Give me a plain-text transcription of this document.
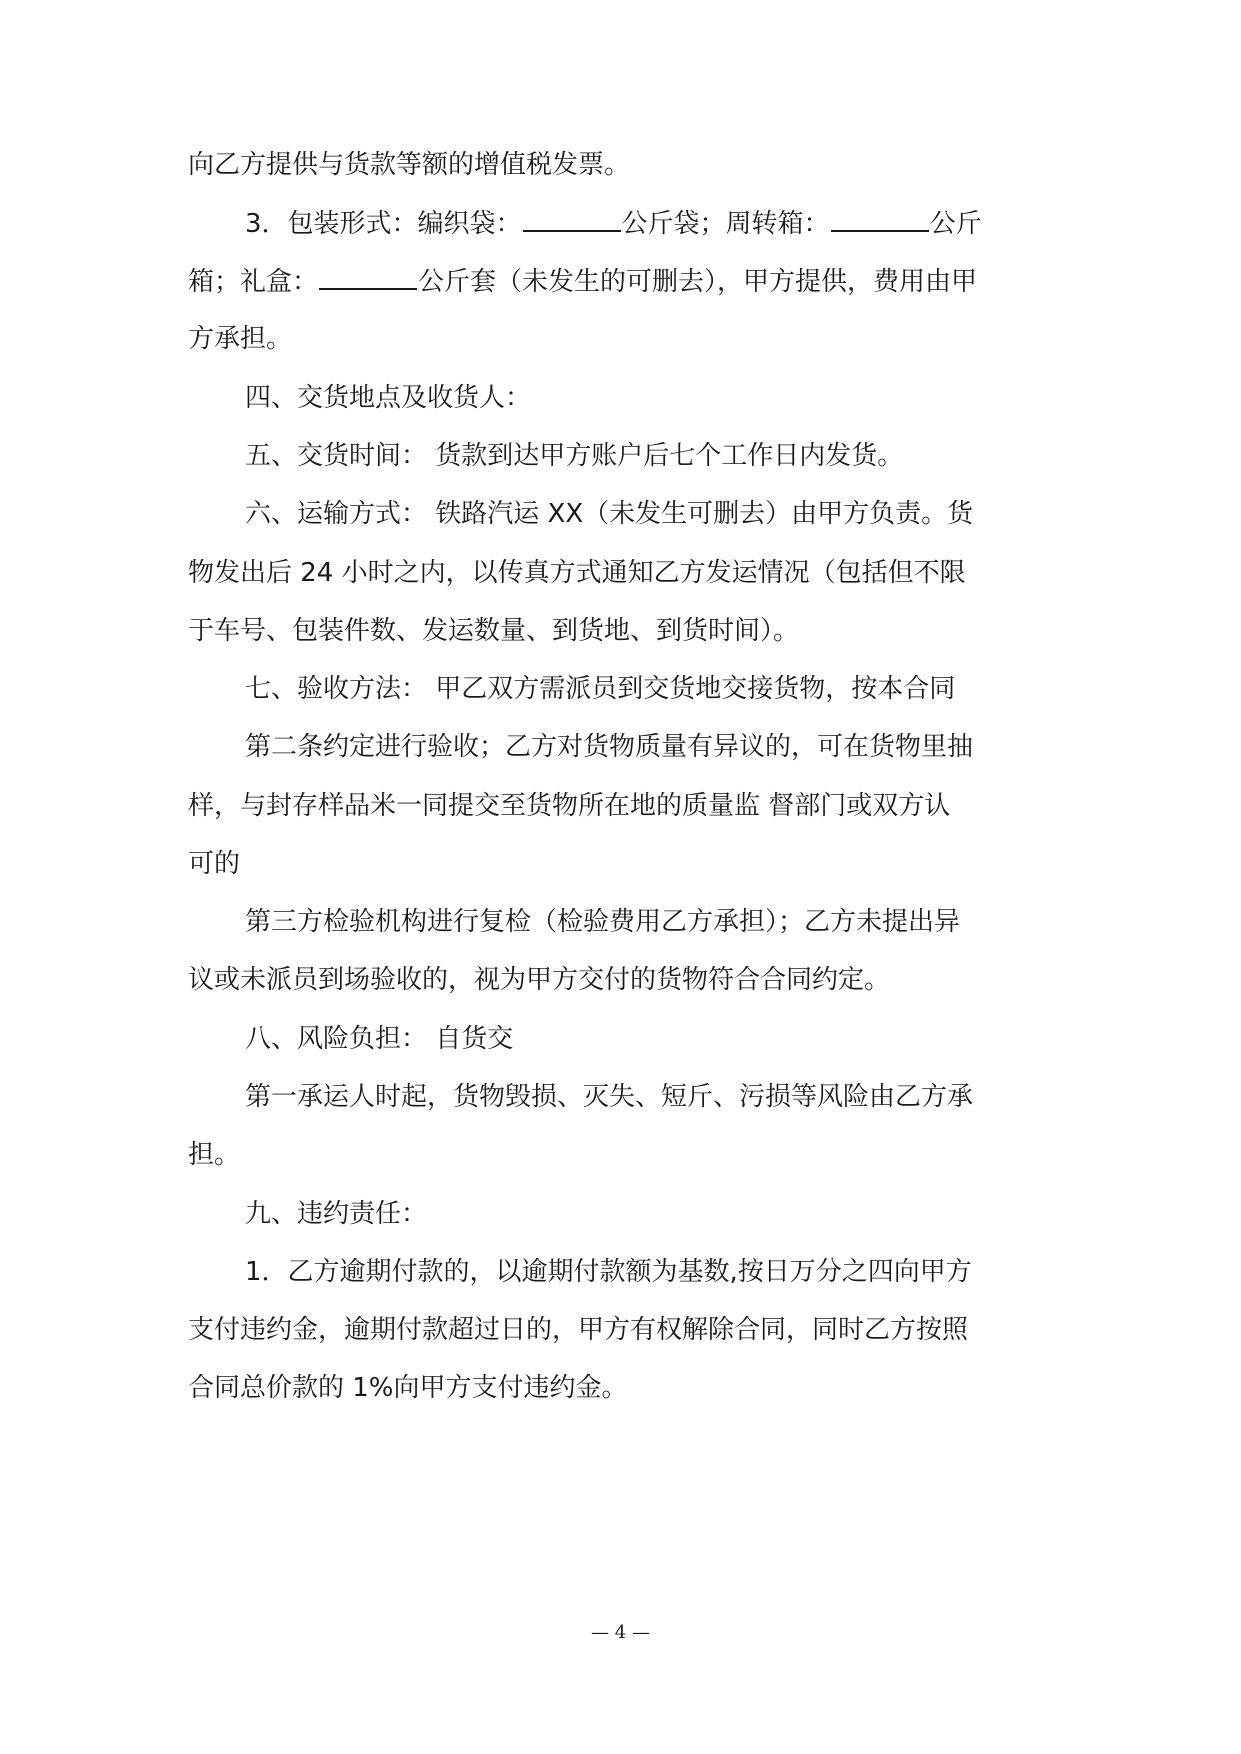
向乙方提供与货款等额的增值税发票。
3．包装形式：编织袋：	公斤袋；周转箱：	公斤
箱；礼盒：	公斤套（未发生的可删去），甲方提供，费用由甲
方承担。
四、交货地点及收货人：
五、交货时间： 货款到达甲方账户后七个工作日内发货。
六、运输方式： 铁路汽运 XX（未发生可删去）由甲方负责。货
物发出后 24 小时之内，以传真方式通知乙方发运情况（包括但不限
于车号、包装件数、发运数量、到货地、到货时间）。
七、验收方法： 甲乙双方需派员到交货地交接货物，按本合同
第二条约定进行验收；乙方对货物质量有异议的，可在货物里抽
样，与封存样品米一同提交至货物所在地的质量监 督部门或双方认
可的
第三方检验机构进行复检（检验费用乙方承担）；乙方未提出异
议或未派员到场验收的，视为甲方交付的货物符合合同约定。
八、风险负担： 自货交
第一承运人时起，货物毁损、灭失、短斤、污损等风险由乙方承
担。
九、违约责任：
1．乙方逾期付款的，以逾期付款额为基数,按日万分之四向甲方
支付违约金，逾期付款超过日的，甲方有权解除合同，同时乙方按照
合同总价款的 1%向甲方支付违约金。
— 4 —
